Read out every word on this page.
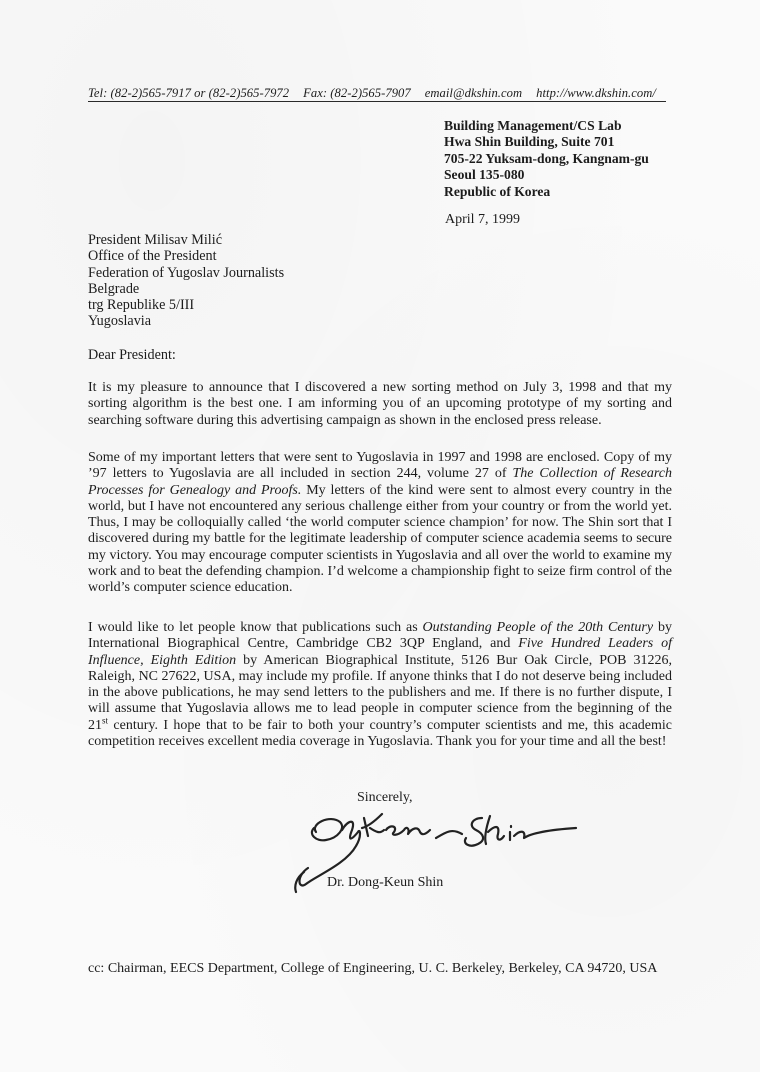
Tel: (82-2)565-7917 or (82-2)565-7972 Fax: (82-2)565-7907 email@dkshin.com http://www.dkshin.com/
Building Management/CS Lab
Hwa Shin Building, Suite 701
705-22 Yuksam-dong, Kangnam-gu
Seoul 135-080
Republic of Korea
April 7, 1999
President Milisav Milić
Office of the President
Federation of Yugoslav Journalists
Belgrade
trg Republike 5/III
Yugoslavia
Dear President:
It is my pleasure to announce that I discovered a new sorting method on July 3, 1998 and that my sorting algorithm is the best one. I am informing you of an upcoming prototype of my sorting and searching software during this advertising campaign as shown in the enclosed press release.
Some of my important letters that were sent to Yugoslavia in 1997 and 1998 are enclosed. Copy of my ’97 letters to Yugoslavia are all included in section 244, volume 27 of The Collection of Research Processes for Genealogy and Proofs. My letters of the kind were sent to almost every country in the world, but I have not encountered any serious challenge either from your country or from the world yet. Thus, I may be colloquially called ‘the world computer science champion’ for now. The Shin sort that I discovered during my battle for the legitimate leadership of computer science academia seems to secure my victory. You may encourage computer scientists in Yugoslavia and all over the world to examine my work and to beat the defending champion. I’d welcome a championship fight to seize firm control of the world’s computer science education.
I would like to let people know that publications such as Outstanding People of the 20th Century by International Biographical Centre, Cambridge CB2 3QP England, and Five Hundred Leaders of Influence, Eighth Edition by American Biographical Institute, 5126 Bur Oak Circle, POB 31226, Raleigh, NC 27622, USA, may include my profile. If anyone thinks that I do not deserve being included in the above publications, he may send letters to the publishers and me. If there is no further dispute, I will assume that Yugoslavia allows me to lead people in computer science from the beginning of the 21st century. I hope that to be fair to both your country’s computer scientists and me, this academic competition receives excellent media coverage in Yugoslavia. Thank you for your time and all the best!
Sincerely,
Dr. Dong-Keun Shin
cc: Chairman, EECS Department, College of Engineering, U. C. Berkeley, Berkeley, CA 94720, USA
